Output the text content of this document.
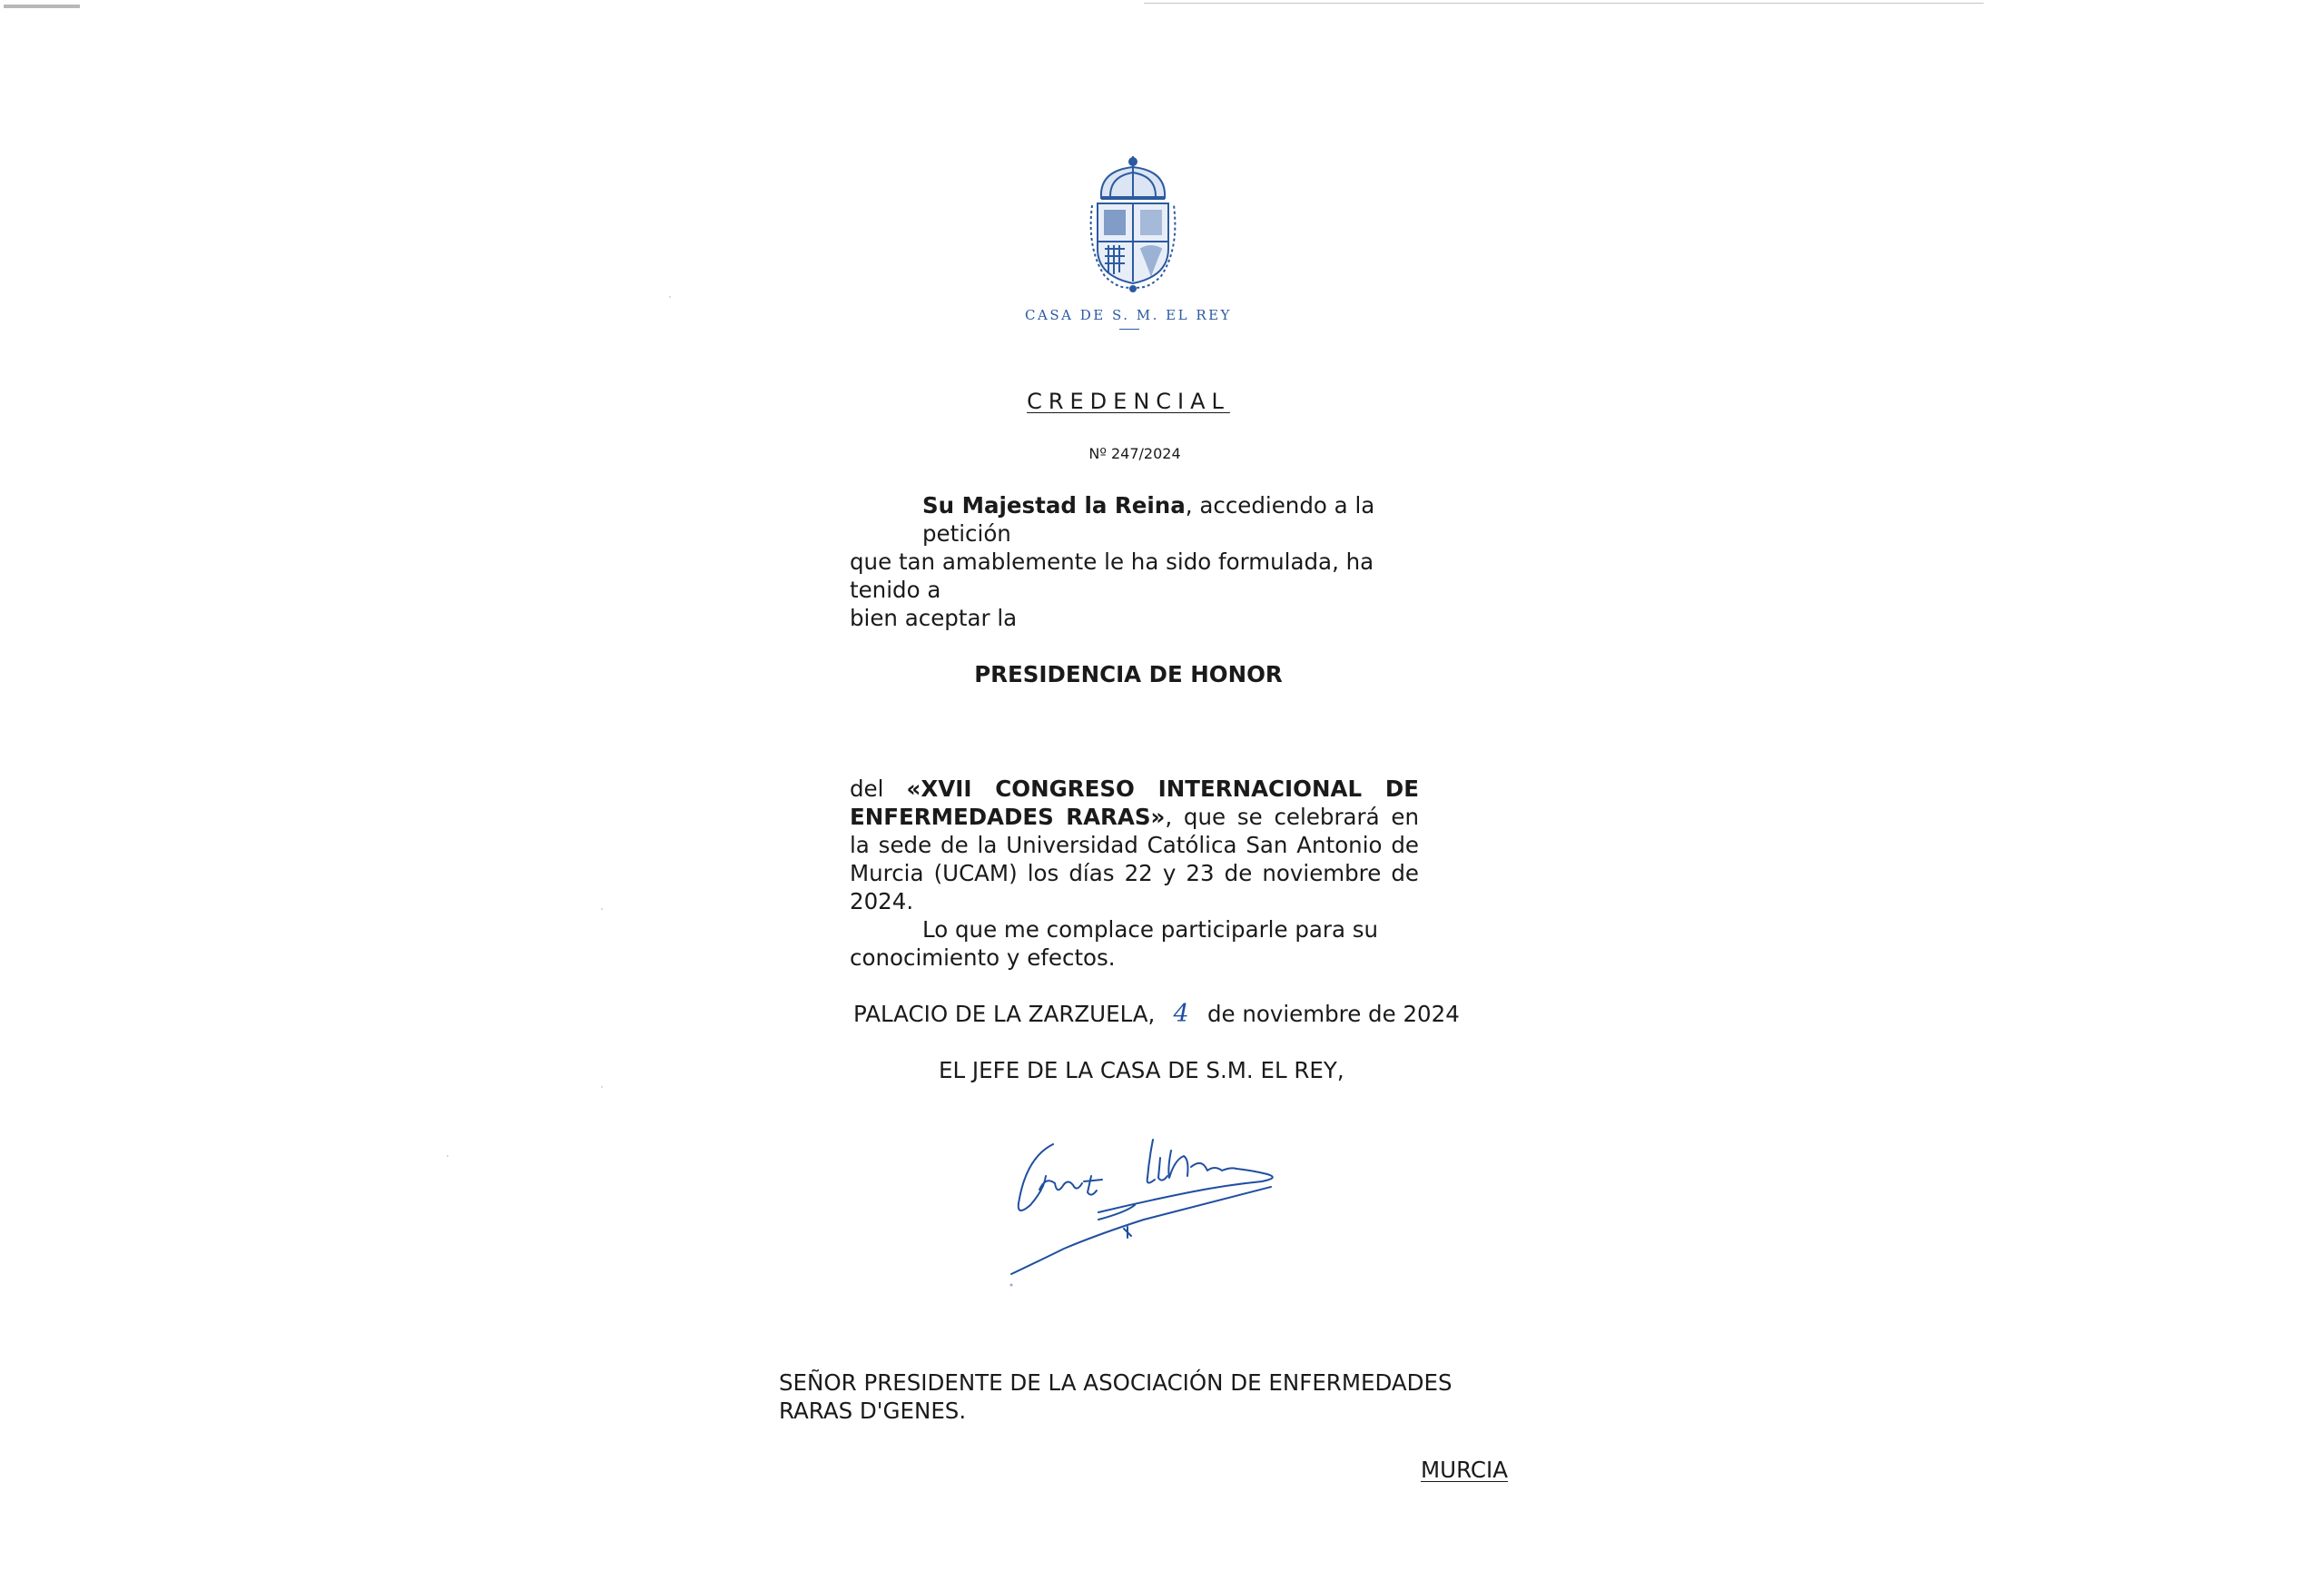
CASA DE S. M. EL REY
CREDENCIAL
Nº 247/2024
Su Majestad la Reina, accediendo a la petición
que tan amablemente le ha sido formulada, ha tenido a
bien aceptar la
PRESIDENCIA DE HONOR
del «XVII CONGRESO INTERNACIONAL DE ENFERMEDADES RARAS», que se celebrará en la sede de la Universidad Católica San Antonio de Murcia (UCAM) los días 22 y 23 de noviembre de 2024.
Lo que me complace participarle para su
conocimiento y efectos.
PALACIO DE LA ZARZUELA, 4 de noviembre de 2024
EL JEFE DE LA CASA DE S.M. EL REY,
SEÑOR PRESIDENTE DE LA ASOCIACIÓN DE ENFERMEDADES RARAS D'GENES.
MURCIA
